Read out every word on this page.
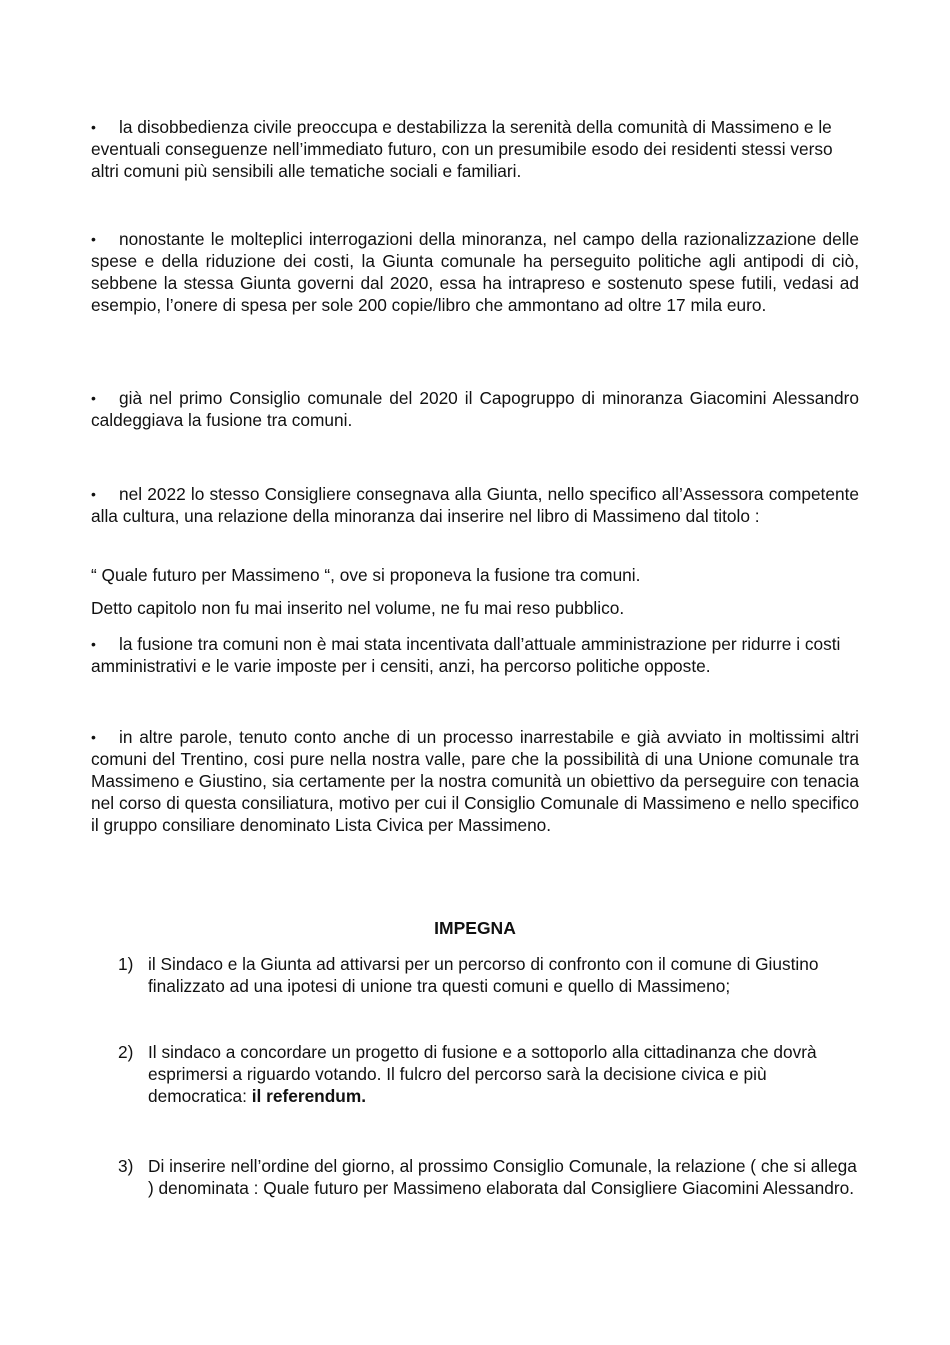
• la disobbedienza civile preoccupa e destabilizza la serenità della comunità di Massimeno e le eventuali conseguenze nell’immediato futuro, con un presumibile esodo dei residenti stessi verso altri comuni più sensibili alle tematiche sociali e familiari.

• nonostante le molteplici interrogazioni della minoranza, nel campo della razionalizzazione delle spese e della riduzione dei costi, la Giunta comunale ha perseguito politiche agli antipodi di ciò, sebbene la stessa Giunta governi dal 2020, essa ha intrapreso e sostenuto spese futili, vedasi ad esempio, l’onere di spesa per sole 200 copie/libro che ammontano ad oltre 17 mila euro.

• già nel primo Consiglio comunale del 2020 il Capogruppo di minoranza Giacomini Alessandro caldeggiava la fusione tra comuni.

• nel 2022 lo stesso Consigliere consegnava alla Giunta, nello specifico all’Assessora competente alla cultura, una relazione della minoranza dai inserire nel libro di Massimeno dal titolo :

“ Quale futuro per Massimeno “, ove si proponeva la fusione tra comuni.

Detto capitolo non fu mai inserito nel volume, ne fu mai reso pubblico.

• la fusione tra comuni non è mai stata incentivata dall’attuale amministrazione per ridurre i costi amministrativi e le varie imposte per i censiti, anzi, ha percorso politiche opposte.

• in altre parole, tenuto conto anche di un processo inarrestabile e già avviato in moltissimi altri comuni del Trentino, cosi pure nella nostra valle, pare che la possibilità di una Unione comunale tra Massimeno e Giustino, sia certamente per la nostra comunità un obiettivo da perseguire con tenacia nel corso di questa consiliatura, motivo per cui il Consiglio Comunale di Massimeno e nello specifico il gruppo consiliare denominato Lista Civica per Massimeno.

IMPEGNA
1) il Sindaco e la Giunta ad attivarsi per un percorso di confronto con il comune di Giustino finalizzato ad una ipotesi di unione tra questi comuni e quello di Massimeno;
2) Il sindaco a concordare un progetto di fusione e a sottoporlo alla cittadinanza che dovrà esprimersi a riguardo votando. Il fulcro del percorso sarà la decisione civica e più democratica: il referendum.
3) Di inserire nell’ordine del giorno, al prossimo Consiglio Comunale, la relazione ( che si allega ) denominata : Quale futuro per Massimeno elaborata dal Consigliere Giacomini Alessandro.
